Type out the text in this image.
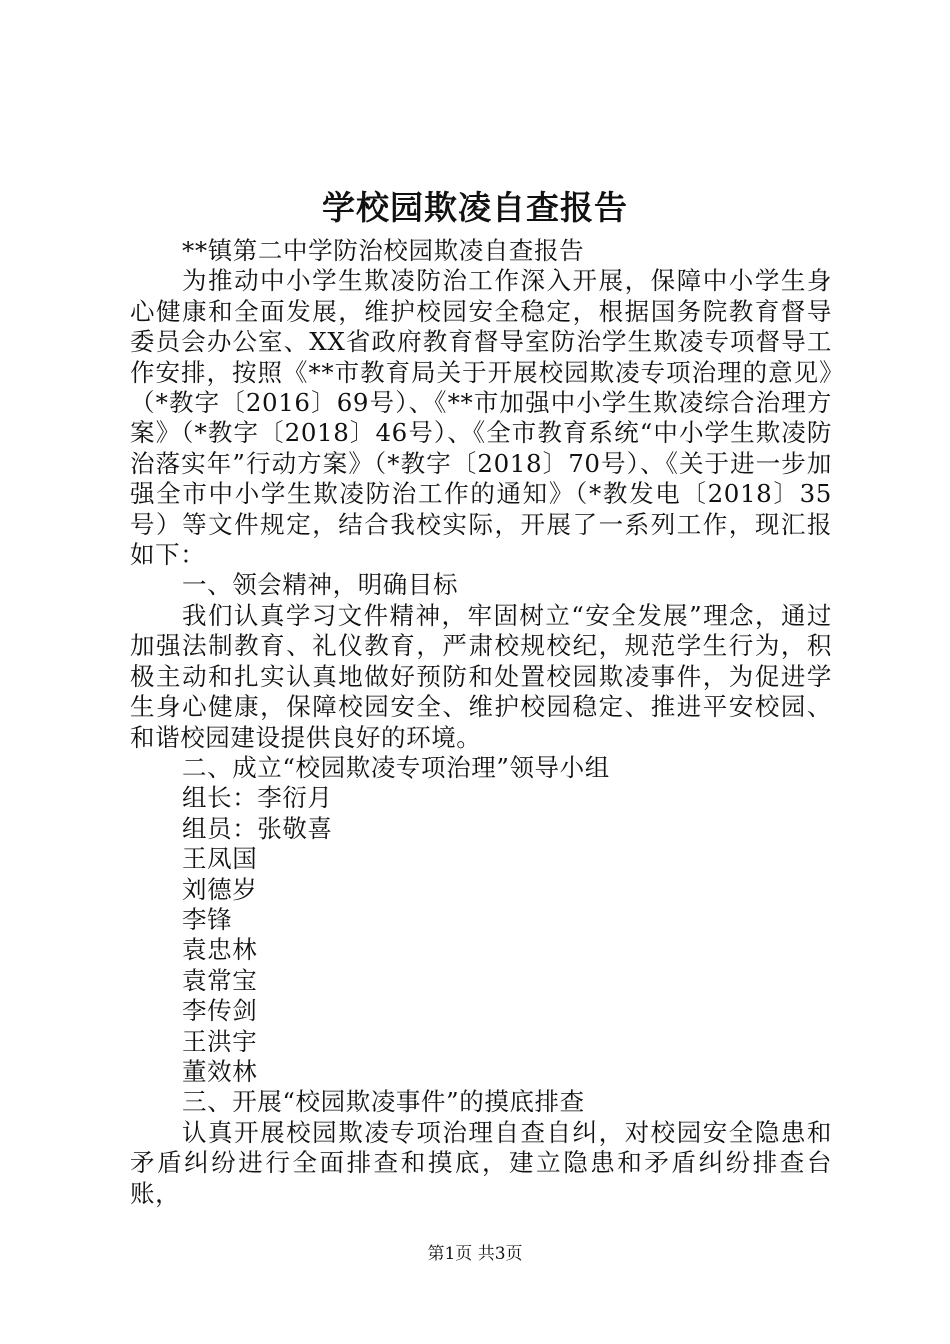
学校园欺凌自查报告

**镇第二中学防治校园欺凌自查报告

为推动中小学生欺凌防治工作深入开展，保障中小学生身心健康和全面发展，维护校园安全稳定，根据国务院教育督导委员会办公室、XX省政府教育督导室防治学生欺凌专项督导工作安排，按照《**市教育局关于开展校园欺凌专项治理的意见》（*教字〔2016〕69号）、《**市加强中小学生欺凌综合治理方案》（*教字〔2018〕46号）、《全市教育系统“中小学生欺凌防治落实年”行动方案》（*教字〔2018〕70号）、《关于进一步加强全市中小学生欺凌防治工作的通知》（*教发电〔2018〕35号）等文件规定，结合我校实际，开展了一系列工作，现汇报如下：

一、领会精神，明确目标

我们认真学习文件精神，牢固树立“安全发展”理念，通过加强法制教育、礼仪教育，严肃校规校纪，规范学生行为，积极主动和扎实认真地做好预防和处置校园欺凌事件，为促进学生身心健康，保障校园安全、维护校园稳定、推进平安校园、和谐校园建设提供良好的环境。

二、成立“校园欺凌专项治理”领导小组

组长：李衍月

组员：张敬喜

王凤国

刘德岁

李锋

袁忠林

袁常宝

李传剑

王洪宇

董效林

三、开展“校园欺凌事件”的摸底排查

认真开展校园欺凌专项治理自查自纠，对校园安全隐患和矛盾纠纷进行全面排查和摸底，建立隐患和矛盾纠纷排查台账，

第1页 共3页
